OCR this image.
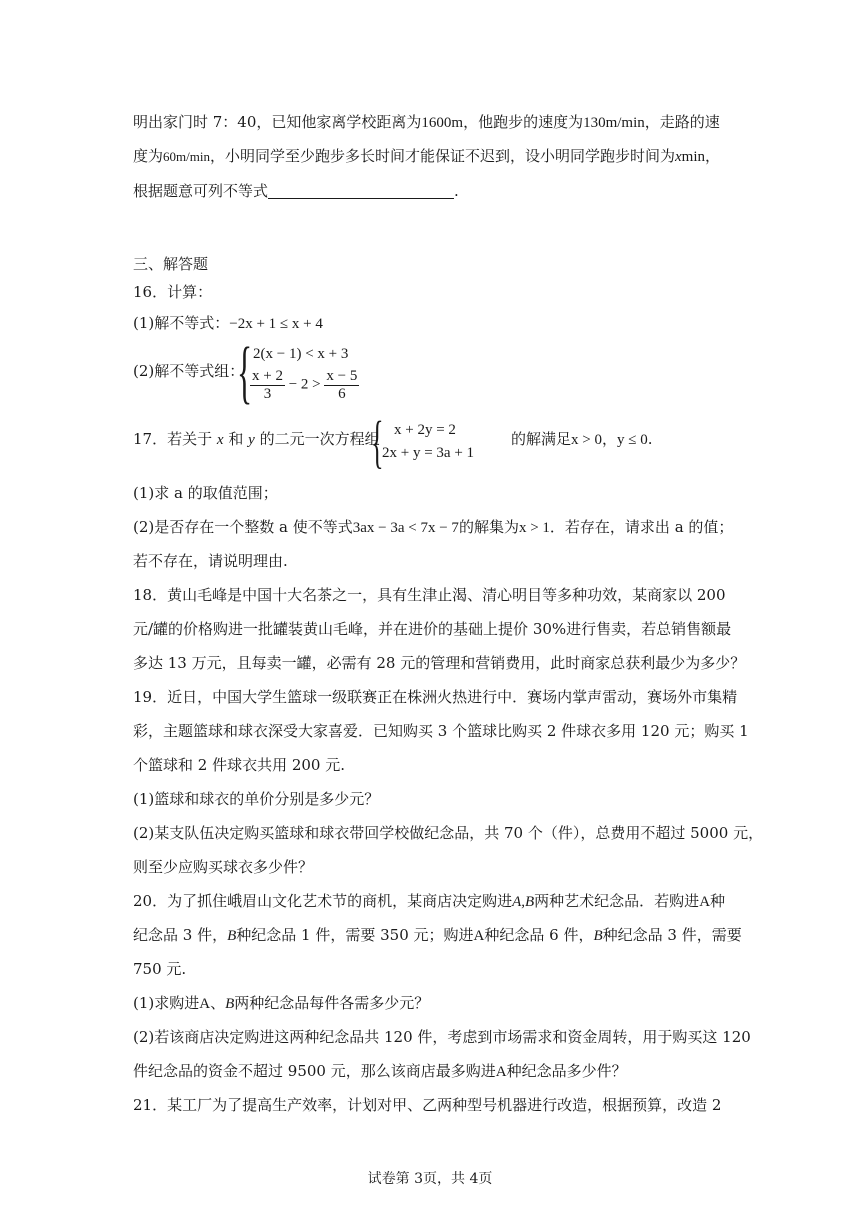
明出家门时 7：40，已知他家离学校距离为1600m，他跑步的速度为130m/min，走路的速
度为60m/min，小明同学至少跑步多长时间才能保证不迟到，设小明同学跑步时间为xmin，
根据题意可列不等式	.
三、解答题
16．计算：
(1)解不等式：−2x + 1 ≤ x + 4
(2)解不等式组：
{ 2(x − 1) < x + 3
$\frac{x + 2}{3} - 2 > \frac{x - 5}{6}$
17．若关于 x 和 y 的二元一次方程组
{ x + 2y = 2
2x + y = 3a + 1
的解满足x > 0，y ≤ 0.
(1)求 a 的取值范围；
(2)是否存在一个整数 a 使不等式3ax − 3a < 7x − 7的解集为x > 1．若存在，请求出 a 的值；
若不存在，请说明理由.
18．黄山毛峰是中国十大名茶之一，具有生津止渴、清心明目等多种功效，某商家以 200
元/罐的价格购进一批罐装黄山毛峰，并在进价的基础上提价 30%进行售卖，若总销售额最
多达 13 万元，且每卖一罐，必需有 28 元的管理和营销费用，此时商家总获利最少为多少？
19．近日，中国大学生篮球一级联赛正在株洲火热进行中．赛场内掌声雷动，赛场外市集精
彩，主题篮球和球衣深受大家喜爱．已知购买 3 个篮球比购买 2 件球衣多用 120 元；购买 1
个篮球和 2 件球衣共用 200 元.
(1)篮球和球衣的单价分别是多少元？
(2)某支队伍决定购买篮球和球衣带回学校做纪念品，共 70 个（件），总费用不超过 5000 元，
则至少应购买球衣多少件？
20．为了抓住峨眉山文化艺术节的商机，某商店决定购进A,B两种艺术纪念品．若购进A种
纪念品 3 件，B种纪念品 1 件，需要 350 元；购进A种纪念品 6 件，B种纪念品 3 件，需要
750 元.
(1)求购进A、B两种纪念品每件各需多少元？
(2)若该商店决定购进这两种纪念品共 120 件，考虑到市场需求和资金周转，用于购买这 120
件纪念品的资金不超过 9500 元，那么该商店最多购进A种纪念品多少件？
21．某工厂为了提高生产效率，计划对甲、乙两种型号机器进行改造，根据预算，改造 2
试卷第 3页，共 4页
